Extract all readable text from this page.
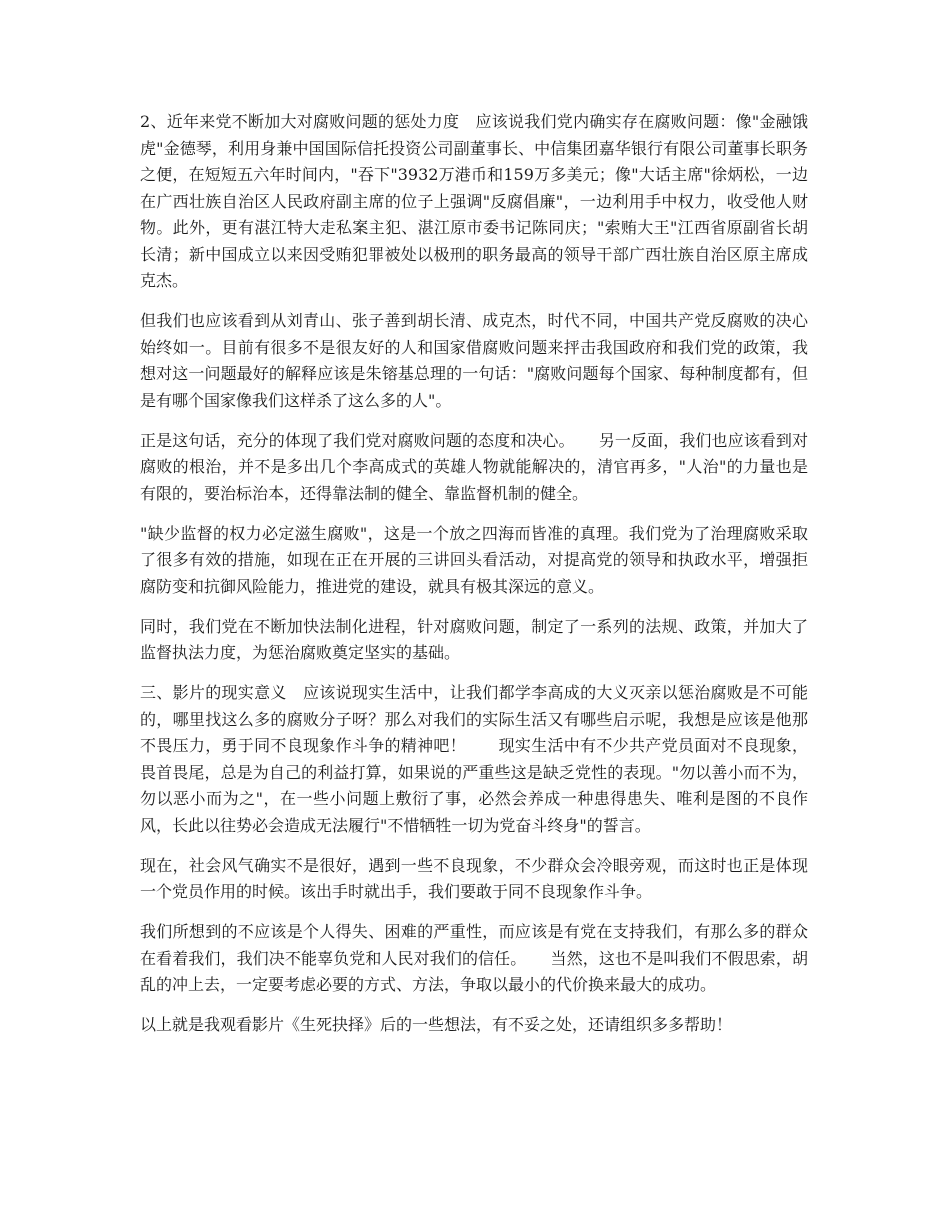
2、近年来党不断加大对腐败问题的惩处力度　应该说我们党内确实存在腐败问题：像"金融饿虎"金德琴，利用身兼中国国际信托投资公司副董事长、中信集团嘉华银行有限公司董事长职务之便，在短短五六年时间内，"吞下"3932万港币和159万多美元；像"大话主席"徐炳松，一边在广西壮族自治区人民政府副主席的位子上强调"反腐倡廉"，一边利用手中权力，收受他人财物。此外，更有湛江特大走私案主犯、湛江原市委书记陈同庆；"索贿大王"江西省原副省长胡长清；新中国成立以来因受贿犯罪被处以极刑的职务最高的领导干部广西壮族自治区原主席成克杰。

但我们也应该看到从刘青山、张子善到胡长清、成克杰，时代不同，中国共产党反腐败的决心始终如一。目前有很多不是很友好的人和国家借腐败问题来抨击我国政府和我们党的政策，我想对这一问题最好的解释应该是朱镕基总理的一句话："腐败问题每个国家、每种制度都有，但是有哪个国家像我们这样杀了这么多的人"。

正是这句话，充分的体现了我们党对腐败问题的态度和决心。　　另一反面，我们也应该看到对腐败的根治，并不是多出几个李高成式的英雄人物就能解决的，清官再多，"人治"的力量也是有限的，要治标治本，还得靠法制的健全、靠监督机制的健全。

"缺少监督的权力必定滋生腐败"，这是一个放之四海而皆准的真理。我们党为了治理腐败采取了很多有效的措施，如现在正在开展的三讲回头看活动，对提高党的领导和执政水平，增强拒腐防变和抗御风险能力，推进党的建设，就具有极其深远的意义。

同时，我们党在不断加快法制化进程，针对腐败问题，制定了一系列的法规、政策，并加大了监督执法力度，为惩治腐败奠定坚实的基础。

三、影片的现实意义　应该说现实生活中，让我们都学李高成的大义灭亲以惩治腐败是不可能的，哪里找这么多的腐败分子呀？那么对我们的实际生活又有哪些启示呢，我想是应该是他那不畏压力，勇于同不良现象作斗争的精神吧！　　现实生活中有不少共产党员面对不良现象，畏首畏尾，总是为自己的利益打算，如果说的严重些这是缺乏党性的表现。"勿以善小而不为，勿以恶小而为之"，在一些小问题上敷衍了事，必然会养成一种患得患失、唯利是图的不良作风，长此以往势必会造成无法履行"不惜牺牲一切为党奋斗终身"的誓言。

现在，社会风气确实不是很好，遇到一些不良现象，不少群众会冷眼旁观，而这时也正是体现一个党员作用的时候。该出手时就出手，我们要敢于同不良现象作斗争。

我们所想到的不应该是个人得失、困难的严重性，而应该是有党在支持我们，有那么多的群众在看着我们，我们决不能辜负党和人民对我们的信任。　　当然，这也不是叫我们不假思索，胡乱的冲上去，一定要考虑必要的方式、方法，争取以最小的代价换来最大的成功。

以上就是我观看影片《生死抉择》后的一些想法，有不妥之处，还请组织多多帮助！
